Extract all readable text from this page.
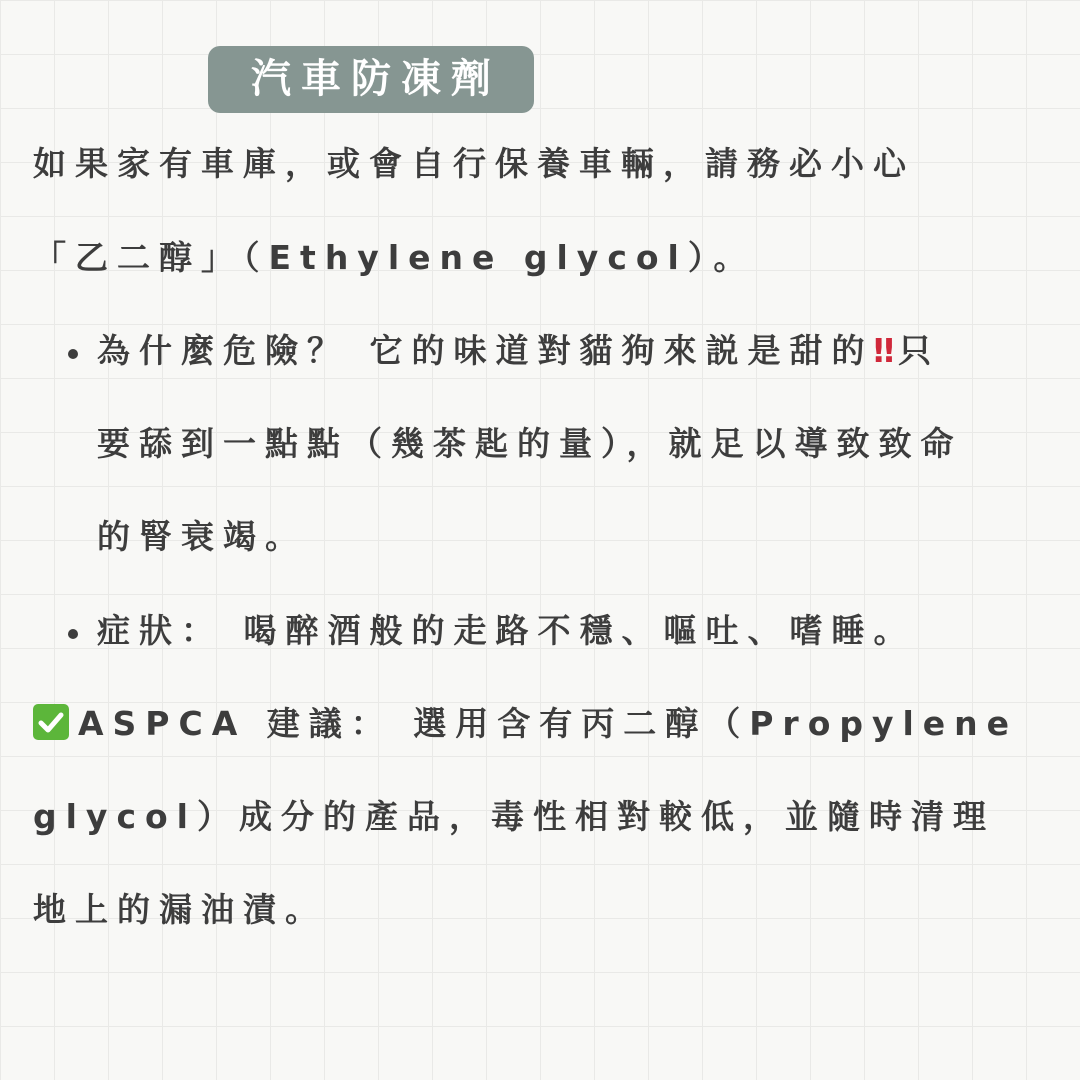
汽車防凍劑
如果家有車庫，或會自行保養車輛，請務必小心
「乙二醇」（Ethylene glycol）。
為什麼危險？ 它的味道對貓狗來説是甜的‼只
要舔到一點點（幾茶匙的量），就足以導致致命
的腎衰竭。
症狀： 喝醉酒般的走路不穩、嘔吐、嗜睡。
ASPCA 建議： 選用含有丙二醇（Propylene
glycol）成分的產品，毒性相對較低，並隨時清理
地上的漏油漬。
